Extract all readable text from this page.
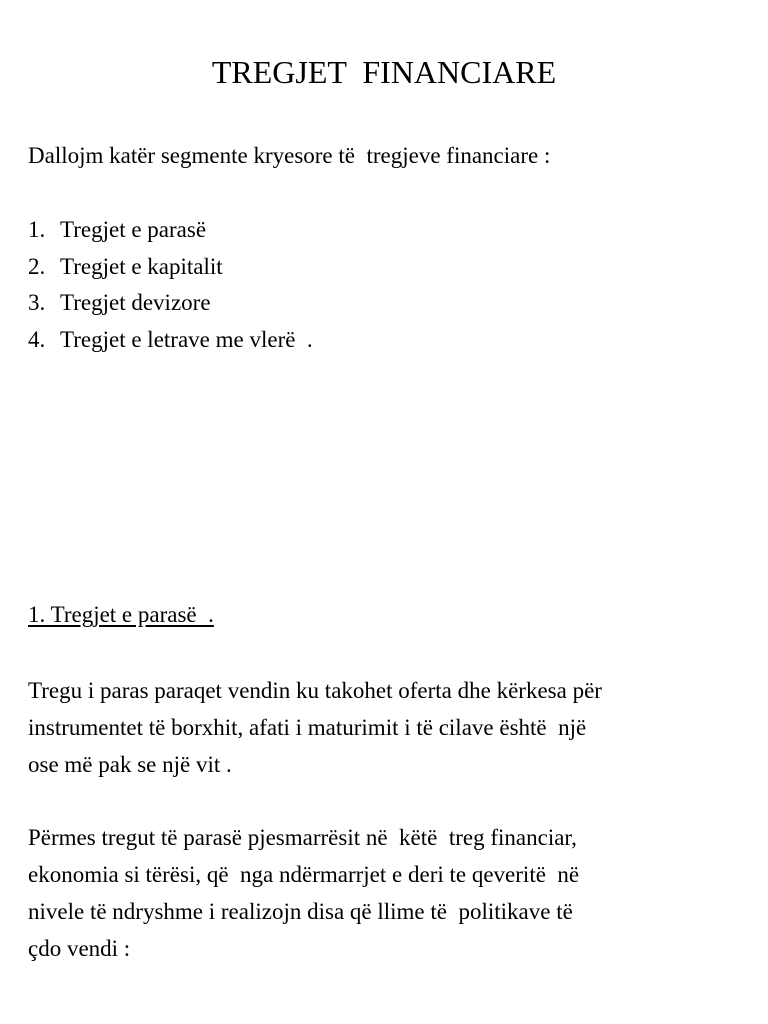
TREGJET  FINANCIARE
Dallojm katër segmente kryesore të  tregjeve financiare :
1. Tregjet e parasë
2. Tregjet e kapitalit
3. Tregjet devizore
4. Tregjet e letrave me vlerë  .
1. Tregjet e parasë  .
Tregu i paras paraqet vendin ku takohet oferta dhe kërkesa për
instrumentet të borxhit, afati i maturimit i të cilave është  një
ose më pak se një vit .
Përmes tregut të parasë pjesmarrësit në  këtë  treg financiar,
ekonomia si tërësi, që  nga ndërmarrjet e deri te qeveritë  në
nivele të ndryshme i realizojn disa që llime të  politikave të
çdo vendi :
